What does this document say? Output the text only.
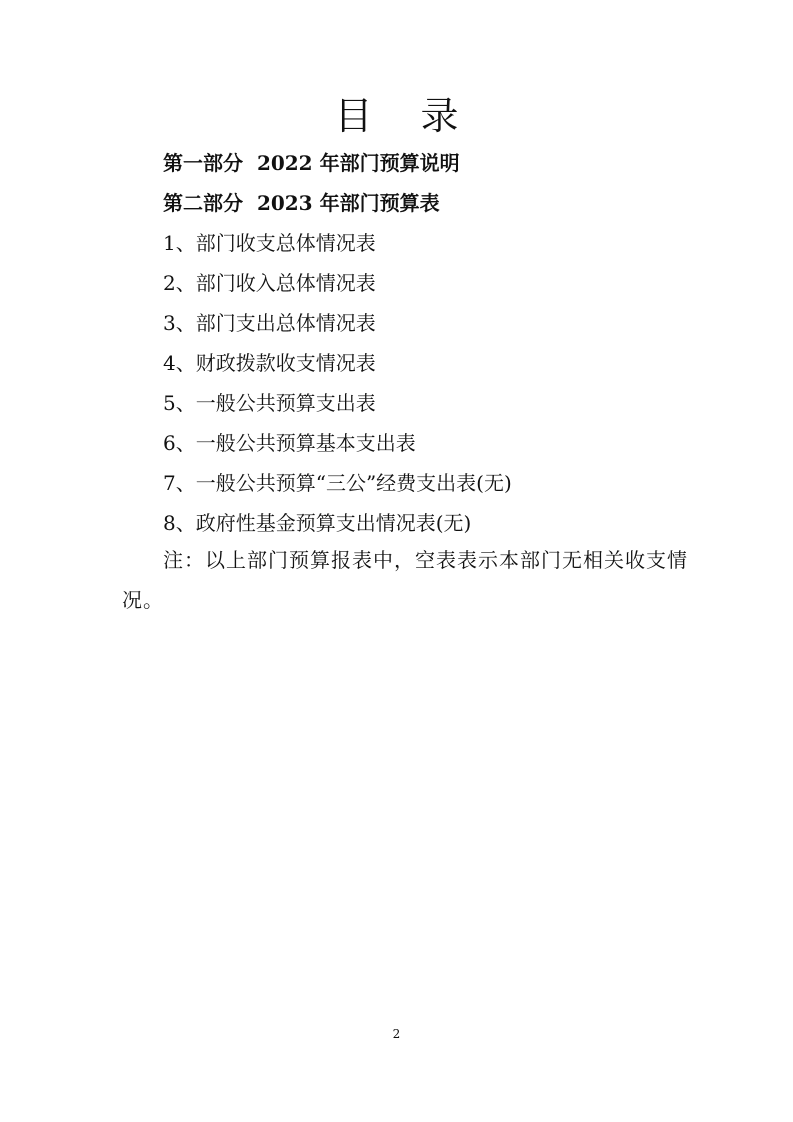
目 录
第一部分 2022 年部门预算说明
第二部分 2023 年部门预算表
1、部门收支总体情况表
2、部门收入总体情况表
3、部门支出总体情况表
4、财政拨款收支情况表
5、一般公共预算支出表
6、一般公共预算基本支出表
7、一般公共预算“三公”经费支出表(无)
8、政府性基金预算支出情况表(无)

注：以上部门预算报表中，空表表示本部门无相关收支情况。

2
